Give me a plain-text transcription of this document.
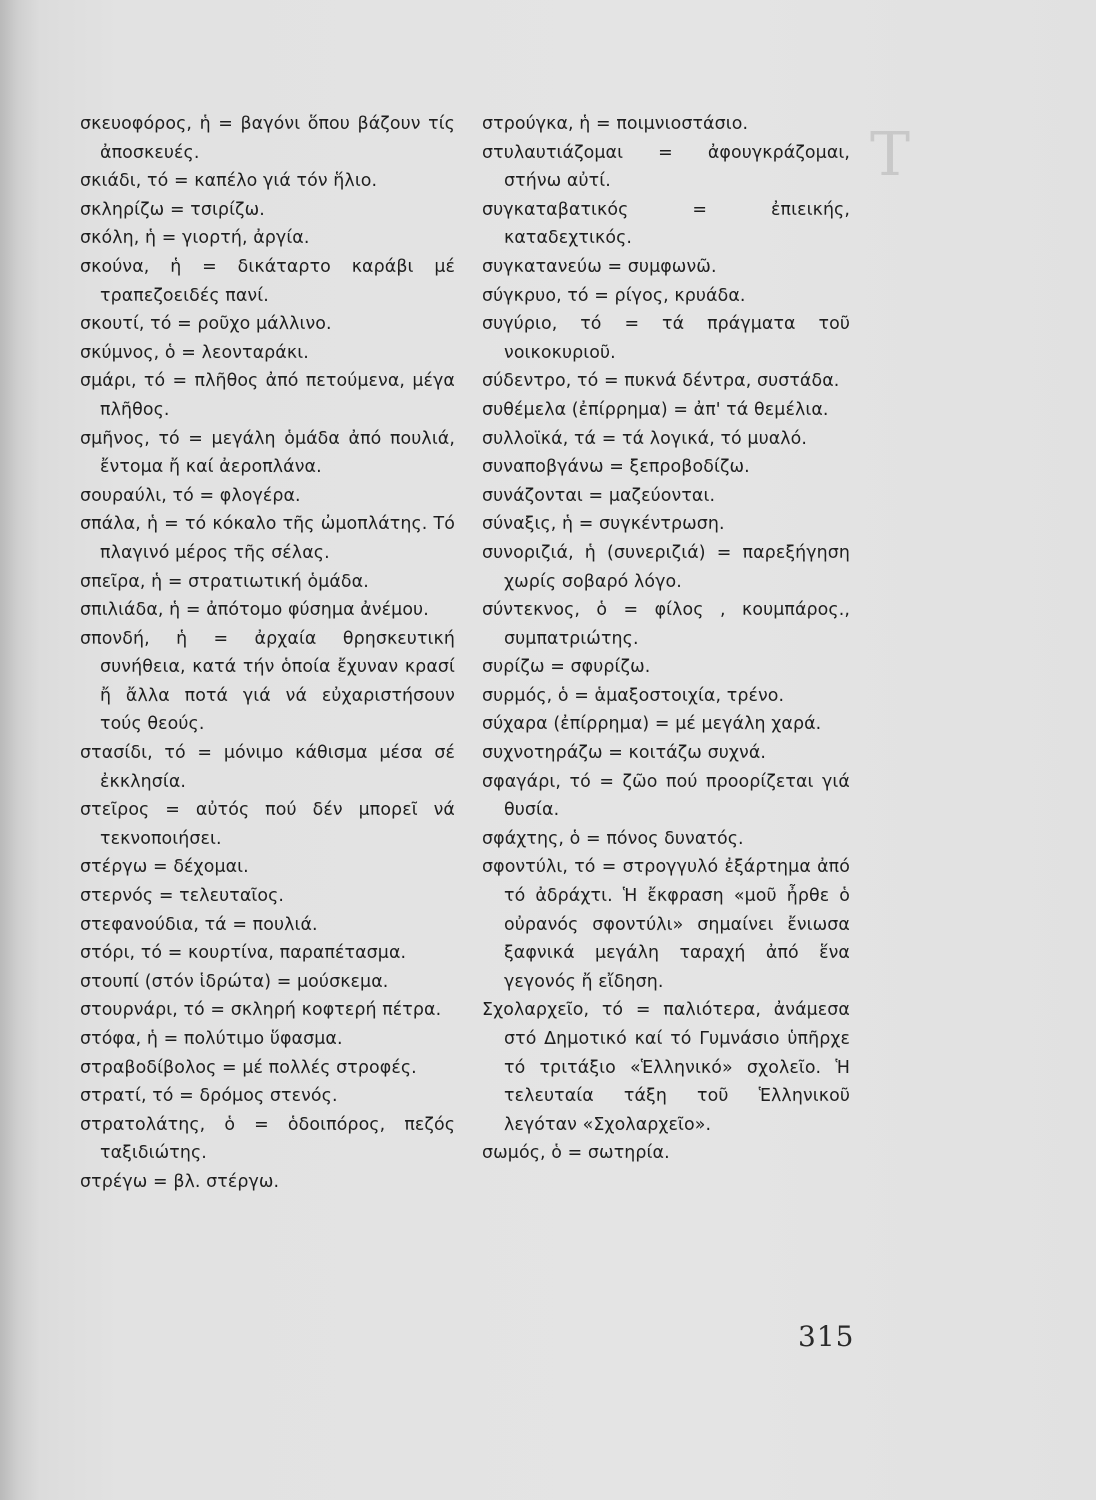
Τ
σκευοφόρος, ἡ = βαγόνι ὅπου βάζουν τίς ἀποσκευές.
σκιάδι, τό = καπέλο γιά τόν ἥλιο.
σκληρίζω = τσιρίζω.
σκόλη, ἡ = γιορτή, ἀργία.
σκούνα, ἡ = δικάταρτο καράβι μέ τραπεζοειδές πανί.
σκουτί, τό = ροῦχο μάλλινο.
σκύμνος, ὁ = λεονταράκι.
σμάρι, τό = πλῆθος ἀπό πετούμενα, μέγα πλῆθος.
σμῆνος, τό = μεγάλη ὁμάδα ἀπό πουλιά, ἔντομα ἤ καί ἀεροπλάνα.
σουραύλι, τό = φλογέρα.
σπάλα, ἡ = τό κόκαλο τῆς ὠμοπλάτης. Τό πλαγινό μέρος τῆς σέλας.
σπεῖρα, ἡ = στρατιωτική ὁμάδα.
σπιλιάδα, ἡ = ἀπότομο φύσημα ἀνέμου.
σπονδή, ἡ = ἀρχαία θρησκευτική συνήθεια, κατά τήν ὁποία ἔχυναν κρασί ἤ ἄλλα ποτά γιά νά εὐχαριστήσουν τούς θεούς.
στασίδι, τό = μόνιμο κάθισμα μέσα σέ ἐκκλησία.
στεῖρος = αὐτός πού δέν μπορεῖ νά τεκνοποιήσει.
στέργω = δέχομαι.
στερνός = τελευταῖος.
στεφανούδια, τά = πουλιά.
στόρι, τό = κουρτίνα, παραπέτασμα.
στουπί (στόν ἱδρώτα) = μούσκεμα.
στουρνάρι, τό = σκληρή κοφτερή πέτρα.
στόφα, ἡ = πολύτιμο ὕφασμα.
στραβοδίβολος = μέ πολλές στροφές.
στρατί, τό = δρόμος στενός.
στρατολάτης, ὁ = ὁδοιπόρος, πεζός ταξιδιώτης.
στρέγω = βλ. στέργω.
στρούγκα, ἡ = ποιμνιοστάσιο.
στυλαυτιάζομαι = ἀφουγκράζομαι, στήνω αὐτί.
συγκαταβατικός = ἐπιεικής, καταδεχτικός.
συγκατανεύω = συμφωνῶ.
σύγκρυο, τό = ρίγος, κρυάδα.
συγύριο, τό = τά πράγματα τοῦ νοικοκυριοῦ.
σύδεντρο, τό = πυκνά δέντρα, συστάδα.
συθέμελα (ἐπίρρημα) = ἀπ' τά θεμέλια.
συλλοϊκά, τά = τά λογικά, τό μυαλό.
συναποβγάνω = ξεπροβοδίζω.
συνάζονται = μαζεύονται.
σύναξις, ἡ = συγκέντρωση.
συνοριζιά, ἡ (συνεριζιά) = παρεξήγηση χωρίς σοβαρό λόγο.
σύντεκνος, ὁ = φίλος , κουμπάρος., συμπατριώτης.
συρίζω = σφυρίζω.
συρμός, ὁ = ἁμαξοστοιχία, τρένο.
σύχαρα (ἐπίρρημα) = μέ μεγάλη χαρά.
συχνοτηράζω = κοιτάζω συχνά.
σφαγάρι, τό = ζῶο πού προορίζεται γιά θυσία.
σφάχτης, ὁ = πόνος δυνατός.
σφοντύλι, τό = στρογγυλό ἐξάρτημα ἀπό τό ἀδράχτι. Ἡ ἔκφραση «μοῦ ἦρθε ὁ οὐρανός σφοντύλι» σημαίνει ἔνιωσα ξαφνικά μεγάλη ταραχή ἀπό ἕνα γεγονός ἤ εἴδηση.
Σχολαρχεῖο, τό = παλιότερα, ἀνάμεσα στό Δημοτικό καί τό Γυμνάσιο ὑπῆρχε τό τριτάξιο «Ἑλληνικό» σχολεῖο. Ἡ τελευταία τάξη τοῦ Ἑλληνικοῦ λεγόταν «Σχολαρχεῖο».
σωμός, ὁ = σωτηρία.
315
